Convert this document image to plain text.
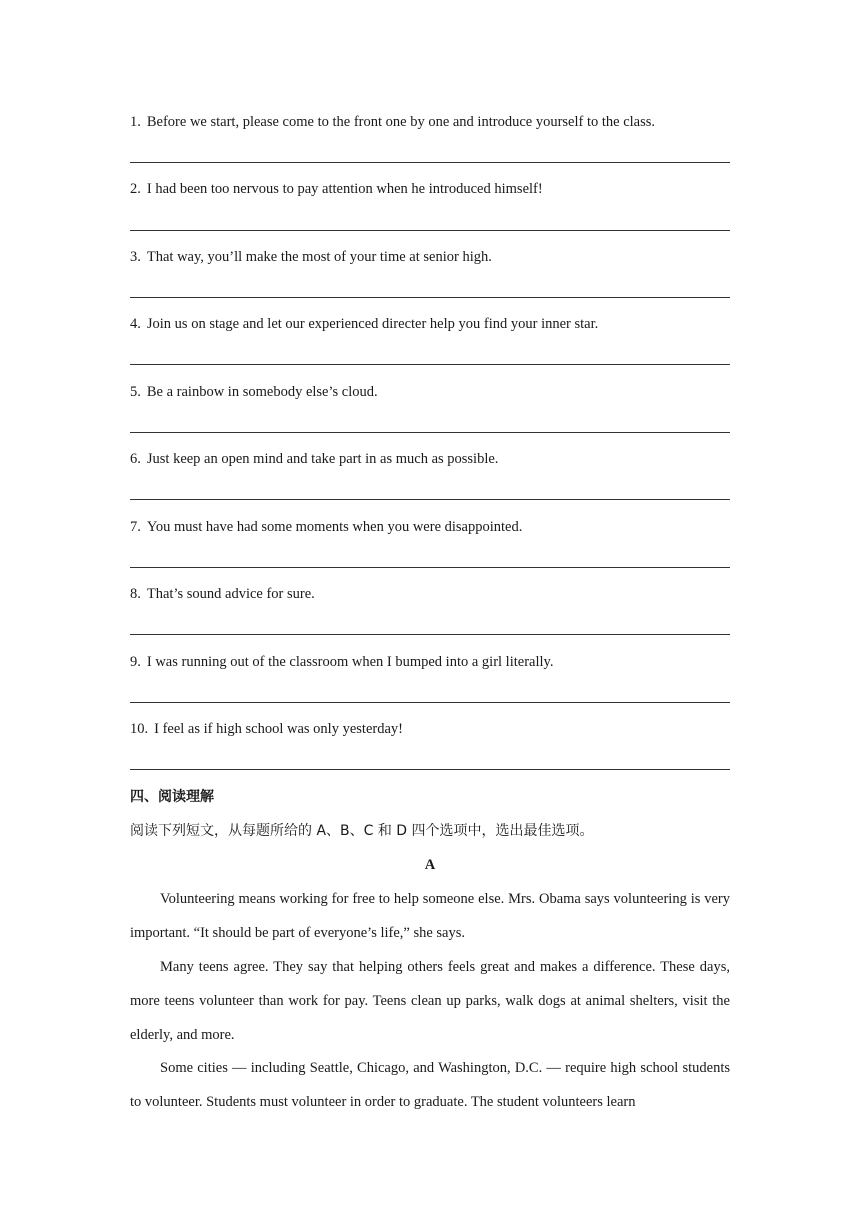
1. Before we start, please come to the front one by one and introduce yourself to the class.
2. I had been too nervous to pay attention when he introduced himself!
3. That way, you’ll make the most of your time at senior high.
4. Join us on stage and let our experienced directer help you find your inner star.
5. Be a rainbow in somebody else’s cloud.
6. Just keep an open mind and take part in as much as possible.
7. You must have had some moments when you were disappointed.
8. That’s sound advice for sure.
9. I was running out of the classroom when I bumped into a girl literally.
10. I feel as if high school was only yesterday!
四、阅读理解
阅读下列短文，从每题所给的 A、B、C 和 D 四个选项中，选出最佳选项。
A
Volunteering means working for free to help someone else. Mrs. Obama says volunteering is very important. “It should be part of everyone’s life,” she says.
Many teens agree. They say that helping others feels great and makes a difference. These days, more teens volunteer than work for pay. Teens clean up parks, walk dogs at animal shelters, visit the elderly, and more.
Some cities — including Seattle, Chicago, and Washington, D.C. — require high school students to volunteer. Students must volunteer in order to graduate. The student volunteers learn
